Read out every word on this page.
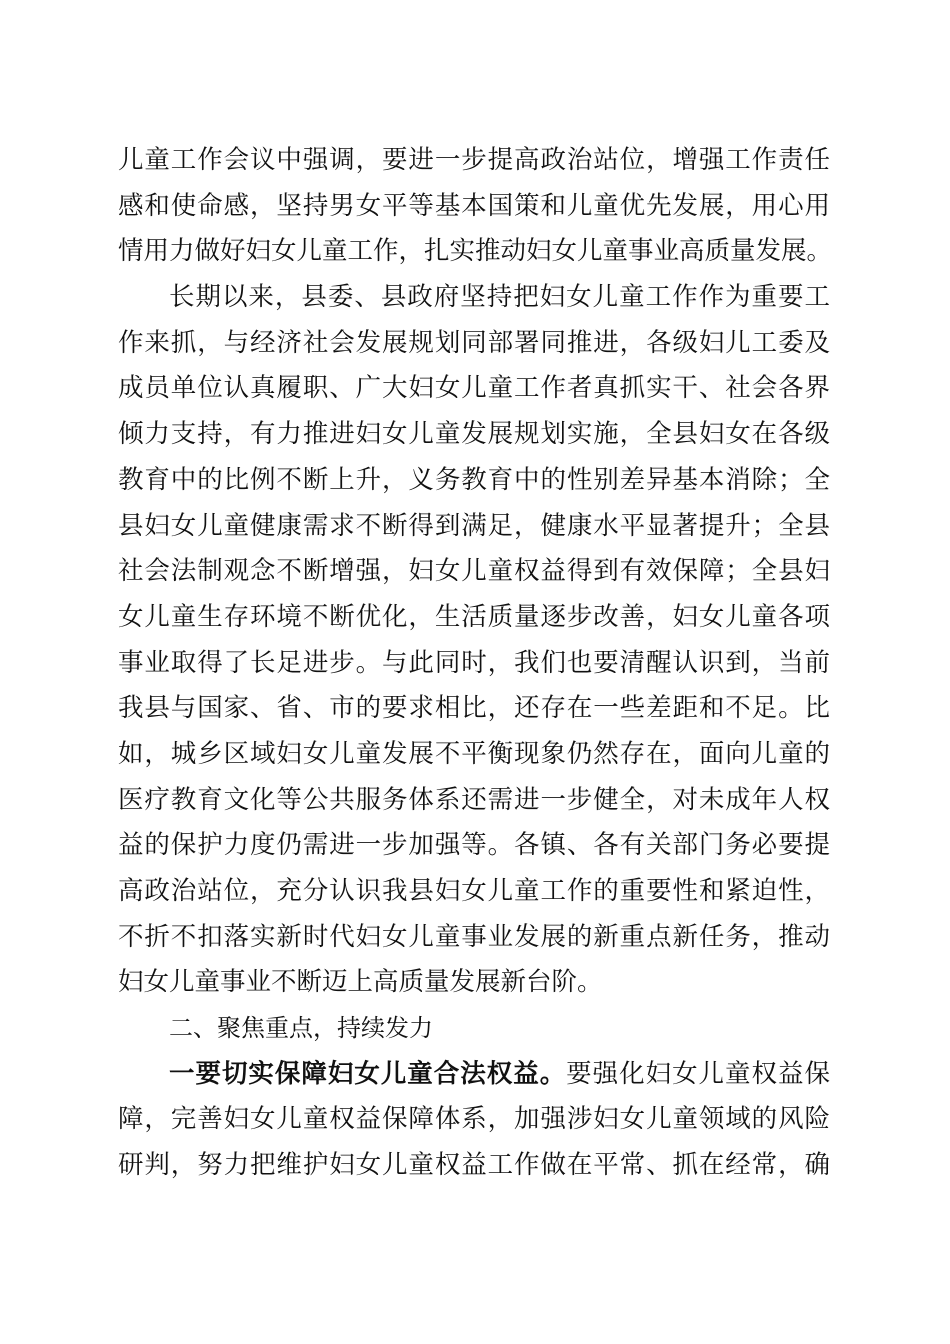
儿童工作会议中强调，要进一步提高政治站位，增强工作责任
感和使命感，坚持男女平等基本国策和儿童优先发展，用心用
情用力做好妇女儿童工作，扎实推动妇女儿童事业高质量发展。
长期以来，县委、县政府坚持把妇女儿童工作作为重要工
作来抓，与经济社会发展规划同部署同推进，各级妇儿工委及
成员单位认真履职、广大妇女儿童工作者真抓实干、社会各界
倾力支持，有力推进妇女儿童发展规划实施，全县妇女在各级
教育中的比例不断上升，义务教育中的性别差异基本消除；全
县妇女儿童健康需求不断得到满足，健康水平显著提升；全县
社会法制观念不断增强，妇女儿童权益得到有效保障；全县妇
女儿童生存环境不断优化，生活质量逐步改善，妇女儿童各项
事业取得了长足进步。与此同时，我们也要清醒认识到，当前
我县与国家、省、市的要求相比，还存在一些差距和不足。比
如，城乡区域妇女儿童发展不平衡现象仍然存在，面向儿童的
医疗教育文化等公共服务体系还需进一步健全，对未成年人权
益的保护力度仍需进一步加强等。各镇、各有关部门务必要提
高政治站位，充分认识我县妇女儿童工作的重要性和紧迫性，
不折不扣落实新时代妇女儿童事业发展的新重点新任务，推动
妇女儿童事业不断迈上高质量发展新台阶。
二、聚焦重点，持续发力
一要切实保障妇女儿童合法权益。要强化妇女儿童权益保
障，完善妇女儿童权益保障体系，加强涉妇女儿童领域的风险
研判，努力把维护妇女儿童权益工作做在平常、抓在经常，确
